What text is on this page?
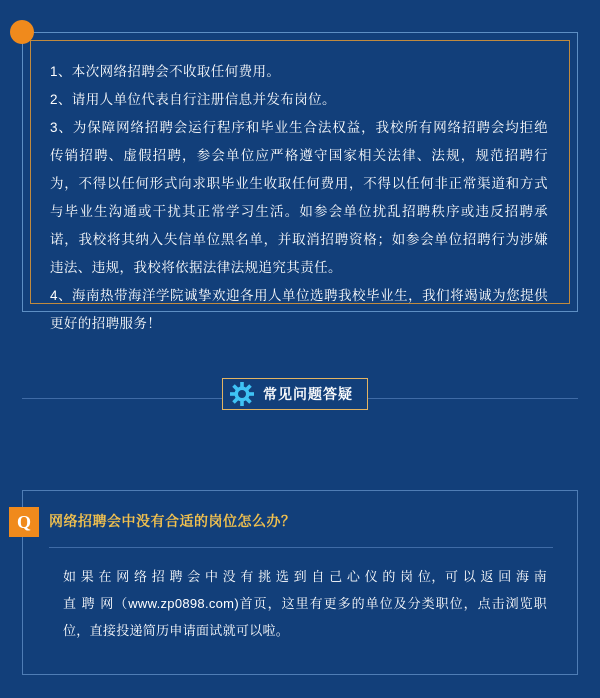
1、本次网络招聘会不收取任何费用。

2、请用人单位代表自行注册信息并发布岗位。

3、为保障网络招聘会运行程序和毕业生合法权益，我校所有网络招聘会均拒绝 传销招聘、虚假招聘，参会单位应严格遵守国家相关法律、法规，规范招聘行为，不得以任何形式向求职毕业生收取任何费用，不得以任何非正常渠道和方式与毕业生沟通或干扰其正常学习生活。如参会单位扰乱招聘秩序或违反招聘承诺，我校将其纳入失信单位黑名单，并取消招聘资格；如参会单位招聘行为涉嫌违法、违规，我校将依据法律法规追究其责任。

4、海南热带海洋学院诚挚欢迎各用人单位选聘我校毕业生，我们将竭诚为您提供更好的招聘服务！

常见问题答疑
Q	网络招聘会中没有合适的岗位怎么办？
如 果 在 网 络 招 聘 会 中 没 有 挑 选 到 自 己 心 仪 的 岗 位，可 以 返 回 海 南 直 聘 网（www.zp0898.com)首页，这里有更多的单位及分类职位，点击浏览职位，直接投递简历申请面试就可以啦。
